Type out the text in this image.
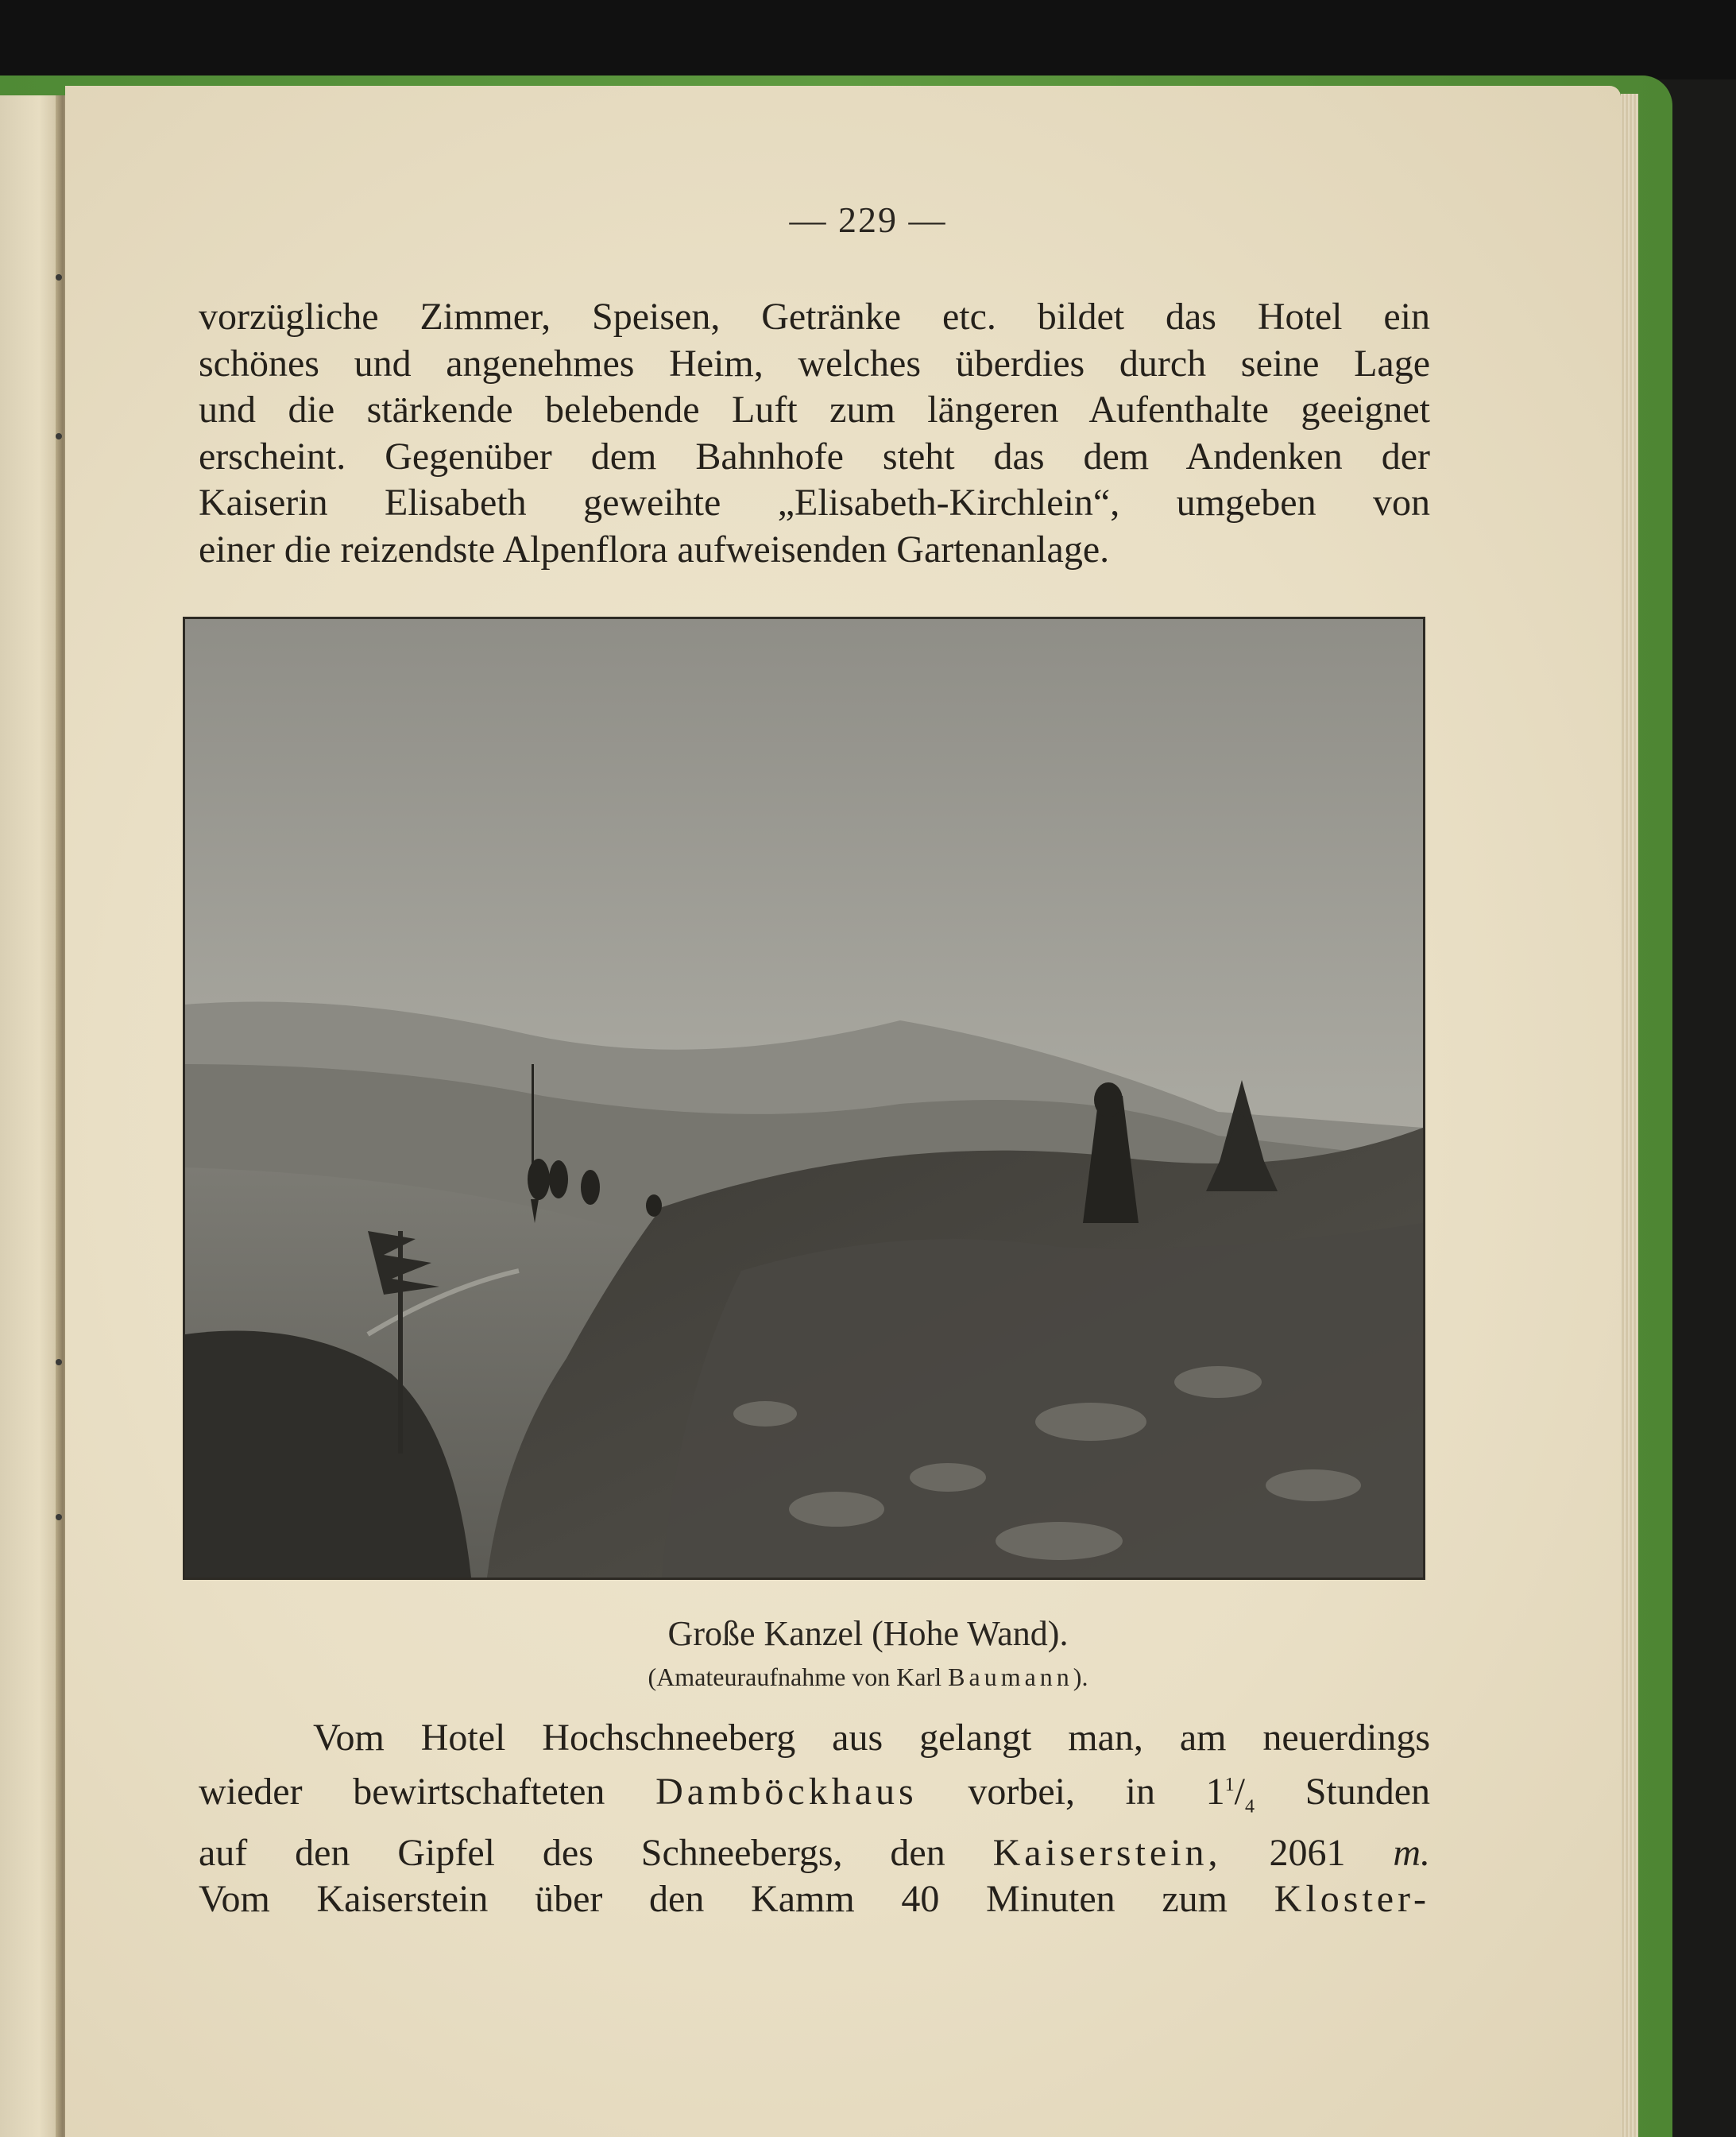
— 229 —
vorzügliche Zimmer, Speisen, Getränke etc. bildet das Hotel ein
schönes und angenehmes Heim, welches überdies durch seine Lage
und die stärkende belebende Luft zum längeren Aufenthalte geeignet
erscheint. Gegenüber dem Bahnhofe steht das dem Andenken der
Kaiserin Elisabeth geweihte „Elisabeth-Kirchlein“, umgeben von
einer die reizendste Alpenflora aufweisenden Gartenanlage.
Große Kanzel (Hohe Wand).
(Amateuraufnahme von Karl Baumann).
Vom Hotel Hochschneeberg aus gelangt man, am neuerdings
wieder bewirtschafteten Damböckhaus vorbei, in $1^1/_4$ Stunden
auf den Gipfel des Schneebergs, den Kaiserstein, 2061 m.
Vom Kaiserstein über den Kamm 40 Minuten zum Kloster-
